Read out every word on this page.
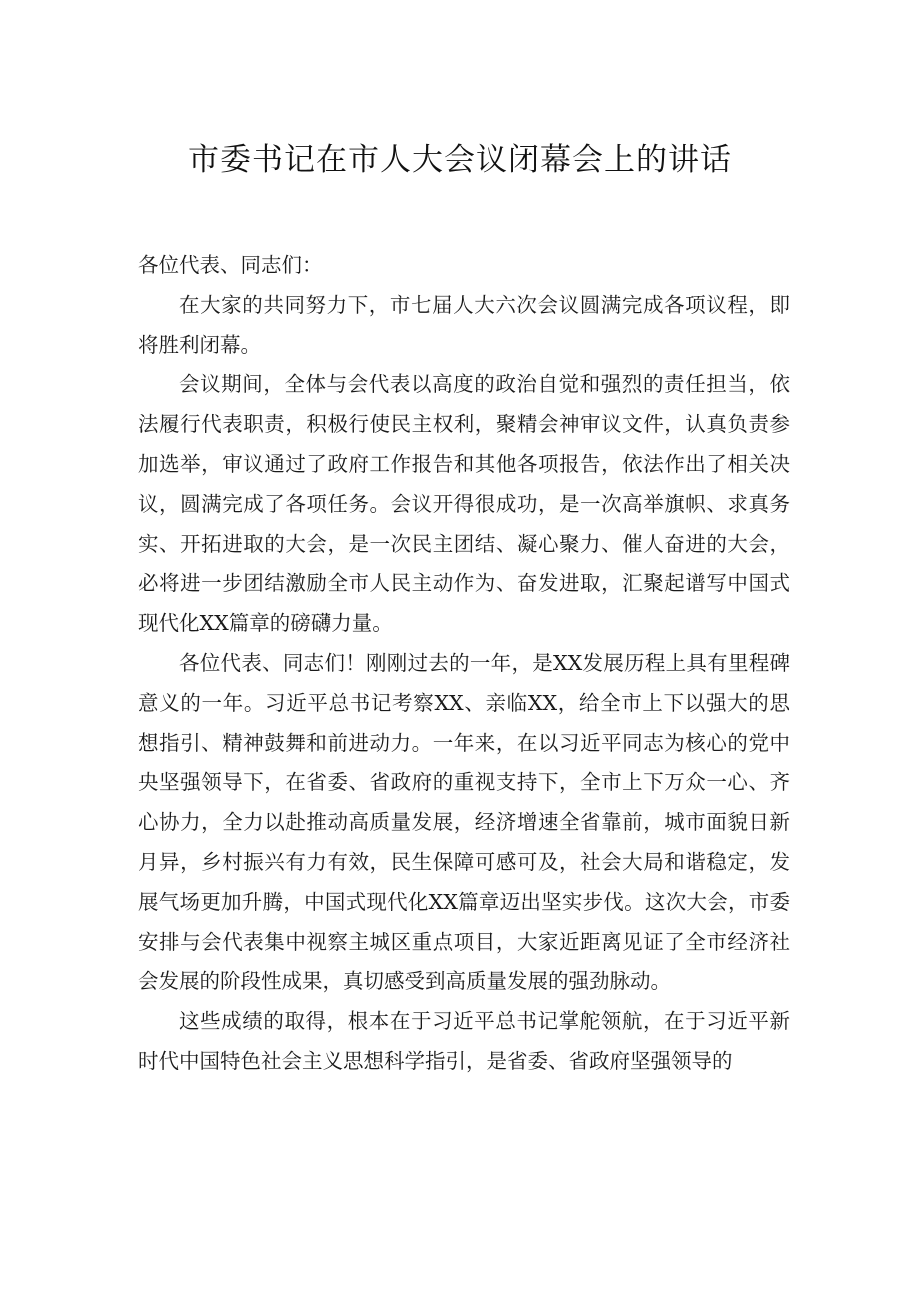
市委书记在市人大会议闭幕会上的讲话

各位代表、同志们：

在大家的共同努力下，市七届人大六次会议圆满完成各项议程，即将胜利闭幕。

会议期间，全体与会代表以高度的政治自觉和强烈的责任担当，依法履行代表职责，积极行使民主权利，聚精会神审议文件，认真负责参加选举，审议通过了政府工作报告和其他各项报告，依法作出了相关决议，圆满完成了各项任务。会议开得很成功，是一次高举旗帜、求真务实、开拓进取的大会，是一次民主团结、凝心聚力、催人奋进的大会，必将进一步团结激励全市人民主动作为、奋发进取，汇聚起谱写中国式现代化XX篇章的磅礴力量。

各位代表、同志们！刚刚过去的一年，是XX发展历程上具有里程碑意义的一年。习近平总书记考察XX、亲临XX，给全市上下以强大的思想指引、精神鼓舞和前进动力。一年来，在以习近平同志为核心的党中央坚强领导下，在省委、省政府的重视支持下，全市上下万众一心、齐心协力，全力以赴推动高质量发展，经济增速全省靠前，城市面貌日新月异，乡村振兴有力有效，民生保障可感可及，社会大局和谐稳定，发展气场更加升腾，中国式现代化XX篇章迈出坚实步伐。这次大会，市委安排与会代表集中视察主城区重点项目，大家近距离见证了全市经济社会发展的阶段性成果，真切感受到高质量发展的强劲脉动。

这些成绩的取得，根本在于习近平总书记掌舵领航，在于习近平新时代中国特色社会主义思想科学指引，是省委、省政府坚强领导的
